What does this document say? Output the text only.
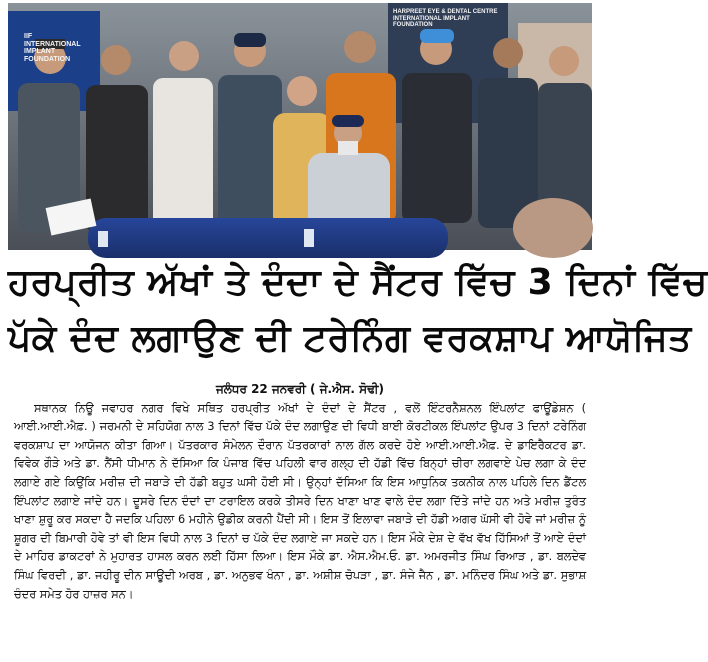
IIF
INTERNATIONAL
IMPLANT
FOUNDATION
HARPREET EYE & DENTAL CENTRE
INTERNATIONAL IMPLANT
FOUNDATION
ਹਰਪ੍ਰੀਤ ਅੱਖਾਂ ਤੇ ਦੰਦਾ ਦੇ ਸੈਂਟਰ ਵਿੱਚ 3 ਦਿਨਾਂ ਵਿੱਚ
ਪੱਕੇ ਦੰਦ ਲਗਾਉਣ ਦੀ ਟਰੇਨਿੰਗ ਵਰਕਸ਼ਾਪ ਆਯੋਜਿਤ
ਜਲੰਧਰ 22 ਜਨਵਰੀ ( ਜੇ.ਐਸ. ਸੋਢੀ)

ਸਥਾਨਕ ਨਿਊ ਜਵਾਹਰ ਨਗਰ ਵਿਖੇ ਸਥਿਤ ਹਰਪ੍ਰੀਤ ਅੱਖਾਂ ਦੇ ਦੰਦਾਂ ਦੇ ਸੈਂਟਰ , ਵਲੋਂ ਇੰਟਰਨੈਸ਼ਨਲ ਇੰਪਲਾਂਟ ਫਾਊਂਡੇਸ਼ਨ ( ਆਈ.ਆਈ.ਐਫ਼. ) ਜਰਮਨੀ ਦੇ ਸਹਿਯੋਗ ਨਾਲ 3 ਦਿਨਾਂ ਵਿੱਚ ਪੱਕੇ ਦੰਦ ਲਗਾਉਣ ਦੀ ਵਿਧੀ ਬਾਈ ਕੋਰਟੀਕਲ ਇੰਪਲਾਂਟ ਉਪਰ 3 ਦਿਨਾਂ ਟਰੇਨਿੰਗ ਵਰਕਸ਼ਾਪ ਦਾ ਆਯੋਜਨ ਕੀਤਾ ਗਿਆ। ਪੱਤਰਕਾਰ ਸੰਮੇਲਨ ਦੌਰਾਨ ਪੱਤਰਕਾਰਾਂ ਨਾਲ ਗੱਲ ਕਰਦੇ ਹੋਏ ਆਈ.ਆਈ.ਐਫ਼. ਦੇ ਡਾਇਰੈਕਟਰ ਡਾ. ਵਿਵੇਕ ਗੌੜੇ ਅਤੇ ਡਾ. ਨੈਂਸੀ ਧੀਮਾਨ ਨੇ ਦੱਸਿਆ ਕਿ ਪੰਜਾਬ ਵਿੱਚ ਪਹਿਲੀ ਵਾਰ ਗਲ੍ਹ ਦੀ ਹੱਡੀ ਵਿੱਚ ਬਿਨ੍ਹਾਂ ਚੀਰਾ ਲਗਵਾਏ ਪੇਚ ਲਗਾ ਕੇ ਦੰਦ ਲਗਾਏ ਗਏ ਕਿਉਂਕਿ ਮਰੀਜ਼ ਦੀ ਜਬਾੜੇ ਦੀ ਹੱਡੀ ਬਹੁਤ ਘਸੀ ਹੋਈ ਸੀ। ਉਨ੍ਹਾਂ ਦੱਸਿਆ ਕਿ ਇਸ ਆਧੁਨਿਕ ਤਕਨੀਕ ਨਾਲ ਪਹਿਲੇ ਦਿਨ ਡੈਂਟਲ ਇੰਪਲਾਂਟ ਲਗਾਏ ਜਾਂਦੇ ਹਨ। ਦੂਸਰੇ ਦਿਨ ਦੰਦਾਂ ਦਾ ਟਰਾਇਲ ਕਰਕੇ ਤੀਸਰੇ ਦਿਨ ਖਾਣਾ ਖਾਣ ਵਾਲੇ ਦੰਦ ਲਗਾ ਦਿੱਤੇ ਜਾਂਦੇ ਹਨ ਅਤੇ ਮਰੀਜ਼ ਤੁਰੰਤ ਖਾਣਾ ਸ਼ੁਰੂ ਕਰ ਸਕਦਾ ਹੈ ਜਦਕਿ ਪਹਿਲਾ 6 ਮਹੀਨੇ ਉਡੀਕ ਕਰਨੀ ਪੈਂਦੀ ਸੀ। ਇਸ ਤੋਂ ਇਲਾਵਾ ਜਬਾੜੇ ਦੀ ਹੱਡੀ ਅਗਰ ਘੱਸੀ ਵੀ ਹੋਵੇ ਜਾਂ ਮਰੀਜ਼ ਨੂੰ ਸ਼ੂਗਰ ਦੀ ਬਿਮਾਰੀ ਹੋਵੇ ਤਾਂ ਵੀ ਇਸ ਵਿਧੀ ਨਾਲ 3 ਦਿਨਾਂ ਚ ਪੱਕੇ ਦੰਦ ਲਗਾਏ ਜਾ ਸਕਦੇ ਹਨ। ਇਸ ਮੌਕੇ ਦੇਸ਼ ਦੇ ਵੱਖ ਵੱਖ ਹਿੱਸਿਆਂ ਤੋਂ ਆਏ ਦੰਦਾਂ ਦੇ ਮਾਹਿਰ ਡਾਕਟਰਾਂ ਨੇ ਮੁਹਾਰਤ ਹਾਸਲ ਕਰਨ ਲਈ ਹਿੱਸਾ ਲਿਆ। ਇਸ ਮੌਕੇ ਡਾ. ਐਸ.ਐਮ.ਓ. ਡਾ. ਅਮਰਜੀਤ ਸਿੰਘ ਰਿਆੜ , ਡਾ. ਬਲਦੇਵ ਸਿੰਘ ਵਿਰਦੀ , ਡਾ. ਜਹੀਰੂ ਦੀਨ ਸਾਊਦੀ ਅਰਬ , ਡਾ. ਅਨੁਭਵ ਖੰਨਾ , ਡਾ. ਅਸ਼ੀਸ਼ ਚੋਪੜਾ , ਡਾ. ਸੰਜੇ ਜੈਨ , ਡਾ. ਮਨਿੰਦਰ ਸਿੰਘ ਅਤੇ ਡਾ. ਸੁਭਾਸ਼ ਚੰਦਰ ਸਮੇਤ ਹੋਰ ਹਾਜ਼ਰ ਸਨ।
